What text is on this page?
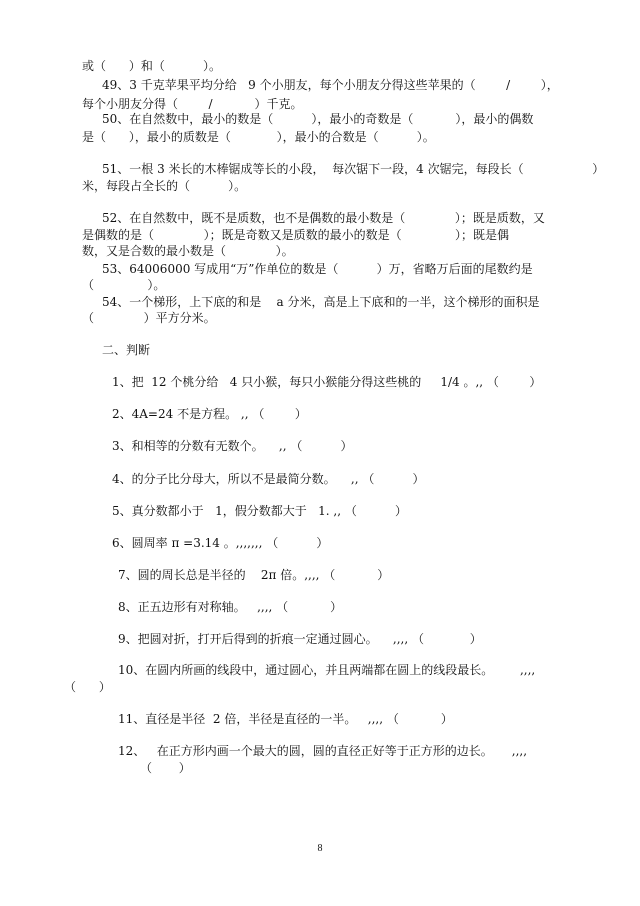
或（      ）和（          ）。
49、3 千克苹果平均分给   9 个小朋友，每个小朋友分得这些苹果的（        /        ），
每个小朋友分得（        /           ）千克。
50、在自然数中，最小的数是（          ），最小的奇数是（           ），最小的偶数
是（      ），最小的质数是（            ），最小的合数是（          ）。
51、一根 3 米长的木棒锯成等长的小段，  每次锯下一段，4 次锯完，每段长（                  ）
米，每段占全长的（          ）。
52、在自然数中，既不是质数，也不是偶数的最小数是（             ）；既是质数，又
是偶数的是（             ）；既是奇数又是质数的最小的数是（              ）；既是偶
数，又是合数的最小数是（             ）。
53、64006000 写成用“万”作单位的数是（          ）万，省略万后面的尾数约是
（              ）。
54、一个梯形，上下底的和是    a 分米，高是上下底和的一半，这个梯形的面积是
（             ）平方分米。
二、判断
1、把  12 个桃分给   4 只小猴，每只小猴能分得这些桃的     1/4 。,, （        ）
2、4A=24 不是方程。 ,, （        ）
3、和相等的分数有无数个。    ,, （          ）
4、的分子比分母大，所以不是最简分数。    ,, （          ）
5、真分数都小于   1，假分数都大于   1. ,, （          ）
6、圆周率 π =3.14 。,,,,,,, （          ）
7、圆的周长总是半径的    2π 倍。,,,, （           ）
8、正五边形有对称轴。   ,,,, （           ）
9、把圆对折，打开后得到的折痕一定通过圆心。    ,,,, （            ）
10、在圆内所画的线段中，通过圆心，并且两端都在圆上的线段最长。       ,,,,
（      ）
11、直径是半径  2 倍，半径是直径的一半。   ,,,, （           ）
12、   在正方形内画一个最大的圆，圆的直径正好等于正方形的边长。     ,,,,
（       ）
8
